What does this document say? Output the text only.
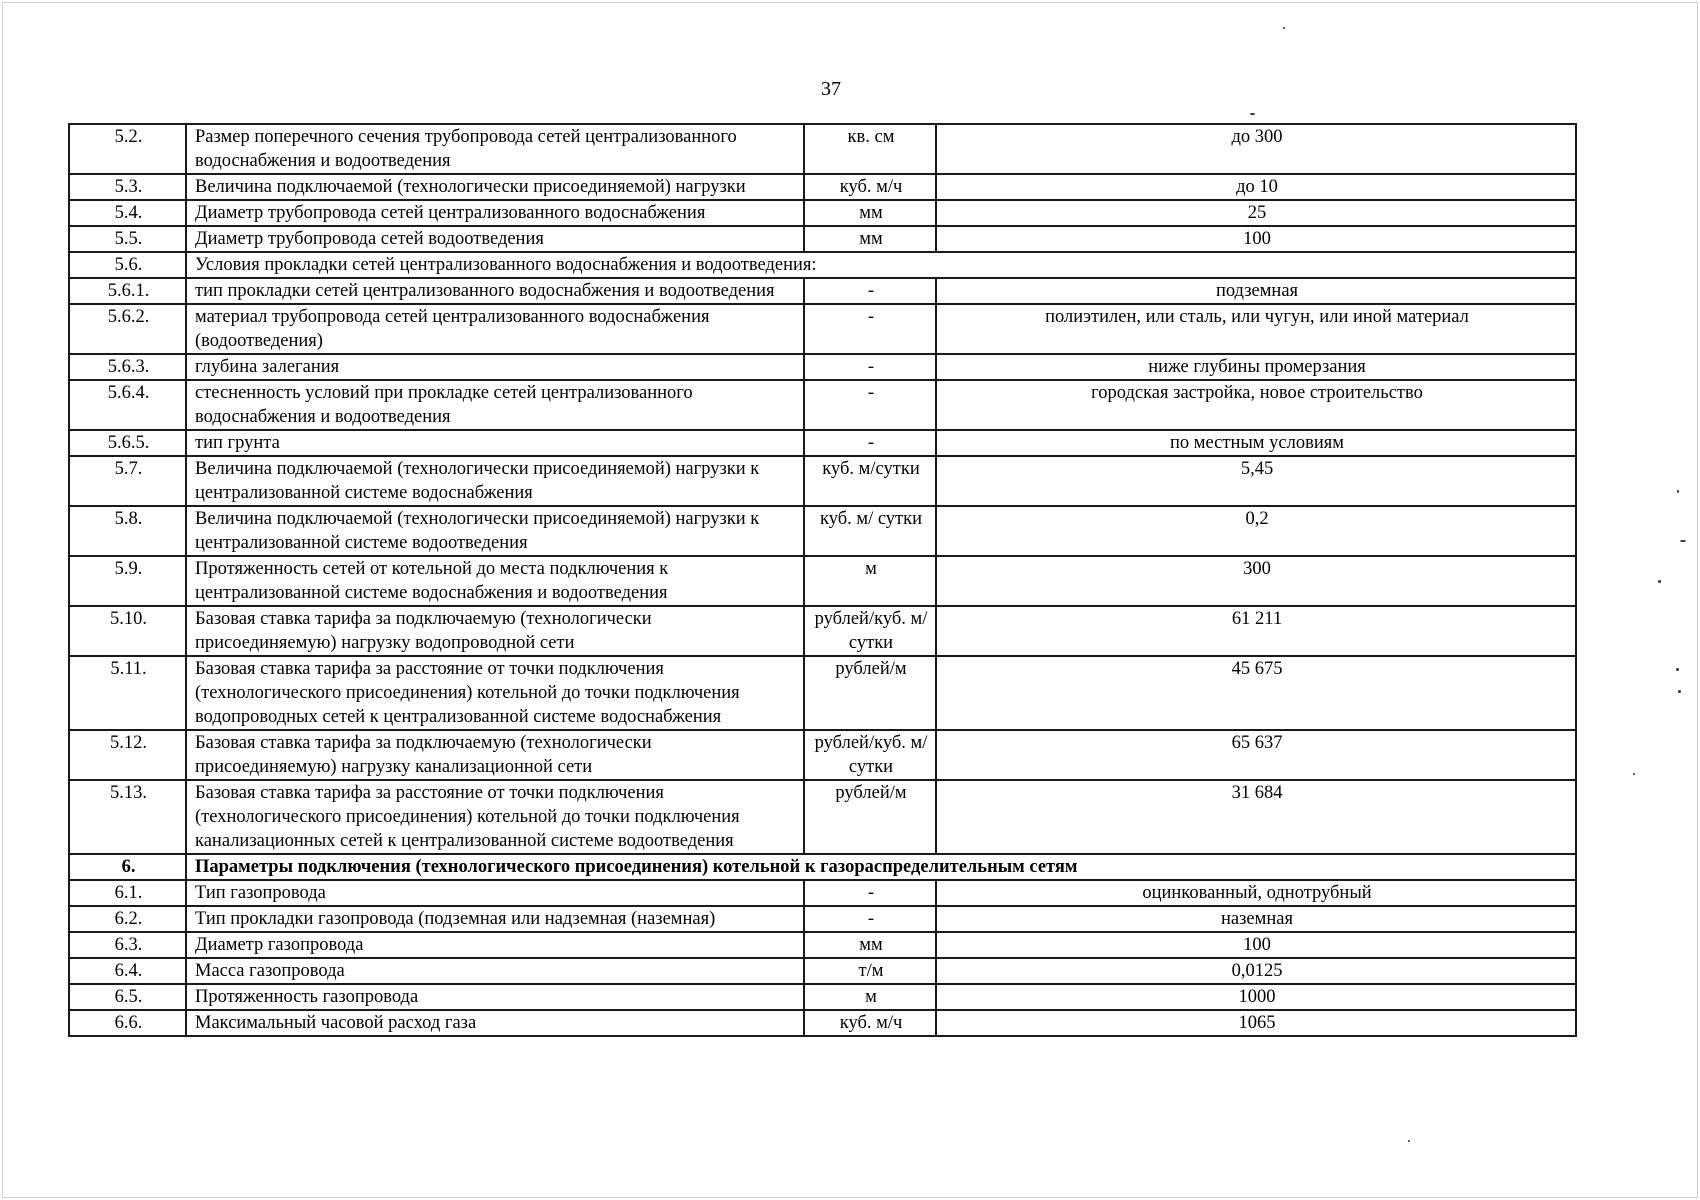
37
5.2.	Размер поперечного сечения трубопровода сетей централизованного водоснабжения и водоотведения	кв. см	до 300
5.3.	Величина подключаемой (технологически присоединяемой) нагрузки	куб. м/ч	до 10
5.4.	Диаметр трубопровода сетей централизованного водоснабжения	мм	25
5.5.	Диаметр трубопровода сетей водоотведения	мм	100
5.6.	Условия прокладки сетей централизованного водоснабжения и водоотведения:		
5.6.1.	тип прокладки сетей централизованного водоснабжения и водоотведения	-	подземная
5.6.2.	материал трубопровода сетей централизованного водоснабжения (водоотведения)	-	полиэтилен, или сталь, или чугун, или иной материал
5.6.3.	глубина залегания	-	ниже глубины промерзания
5.6.4.	стесненность условий при прокладке сетей централизованного водоснабжения и водоотведения	-	городская застройка, новое строительство
5.6.5.	тип грунта	-	по местным условиям
5.7.	Величина подключаемой (технологически присоединяемой) нагрузки к централизованной системе водоснабжения	куб. м/сутки	5,45
5.8.	Величина подключаемой (технологически присоединяемой) нагрузки к централизованной системе водоотведения	куб. м/ сутки	0,2
5.9.	Протяженность сетей от котельной до места подключения к централизованной системе водоснабжения и водоотведения	м	300
5.10.	Базовая ставка тарифа за подключаемую (технологически присоединяемую) нагрузку водопроводной сети	рублей/куб. м/сутки	61 211
5.11.	Базовая ставка тарифа за расстояние от точки подключения (технологического присоединения) котельной до точки подключения водопроводных сетей к централизованной системе водоснабжения	рублей/м	45 675
5.12.	Базовая ставка тарифа за подключаемую (технологически присоединяемую) нагрузку канализационной сети	рублей/куб. м/сутки	65 637
5.13.	Базовая ставка тарифа за расстояние от точки подключения (технологического присоединения) котельной до точки подключения канализационных сетей к централизованной системе водоотведения	рублей/м	31 684
6.	Параметры подключения (технологического присоединения) котельной к газораспределительным сетям		
6.1.	Тип газопровода	-	оцинкованный, однотрубный
6.2.	Тип прокладки газопровода (подземная или надземная (наземная)	-	наземная
6.3.	Диаметр газопровода	мм	100
6.4.	Масса газопровода	т/м	0,0125
6.5.	Протяженность газопровода	м	1000
6.6.	Максимальный часовой расход газа	куб. м/ч	1065
